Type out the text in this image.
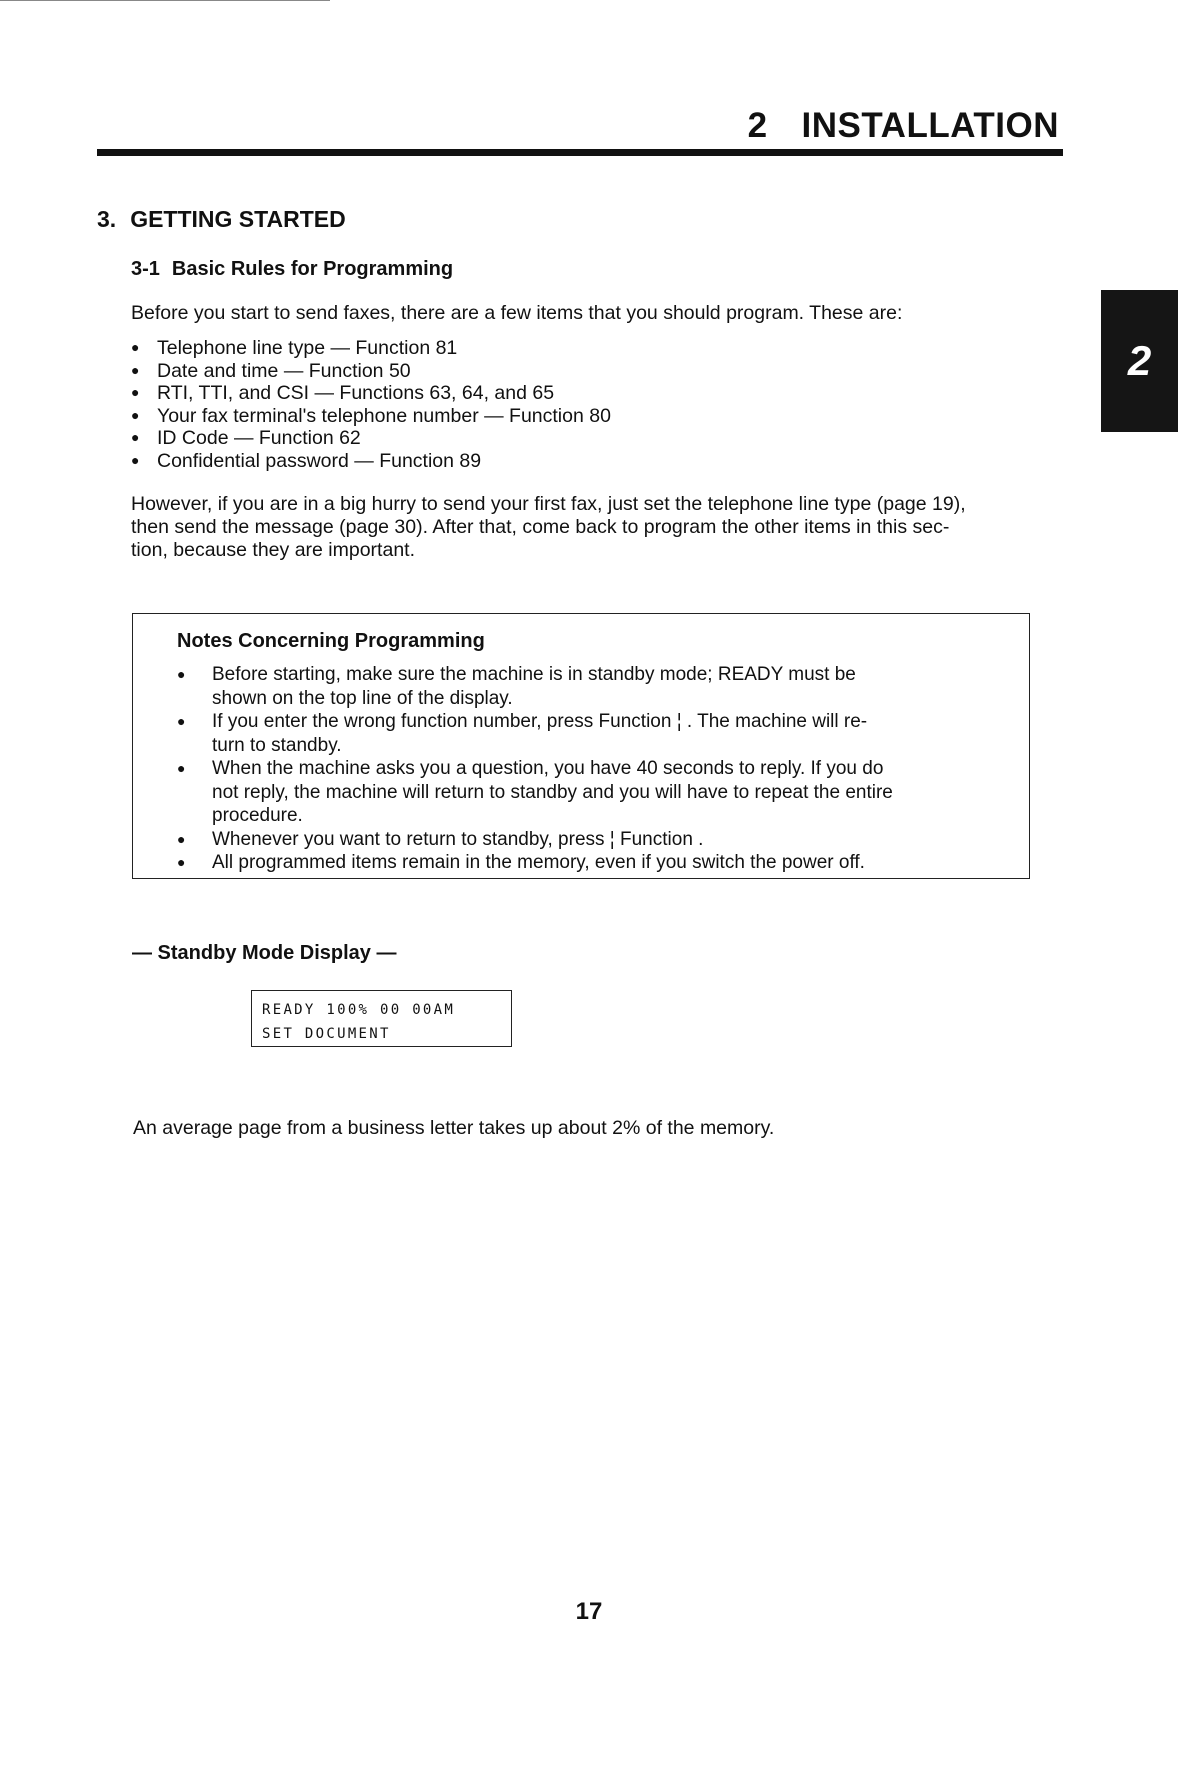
2 INSTALLATION
2
3. GETTING STARTED
3-1 Basic Rules for Programming
Before you start to send faxes, there are a few items that you should program. These are:
● Telephone line type — Function 81
● Date and time — Function 50
● RTI, TTI, and CSI — Functions 63, 64, and 65
● Your fax terminal's telephone number — Function 80
● ID Code — Function 62
● Confidential password — Function 89
However, if you are in a big hurry to send your first fax, just set the telephone line type (page 19),
then send the message (page 30). After that, come back to program the other items in this sec-
tion, because they are important.
Notes Concerning Programming
●	Before starting, make sure the machine is in standby mode; READY must be
shown on the top line of the display.
●	If you enter the wrong function number, press Function ¦ . The machine will re-
turn to standby.
●	When the machine asks you a question, you have 40 seconds to reply. If you do
not reply, the machine will return to standby and you will have to repeat the entire
procedure.
●	Whenever you want to return to standby, press ¦ Function .
●	All programmed items remain in the memory, even if you switch the power off.
— Standby Mode Display —
READY 100% 00 00AM
SET DOCUMENT
An average page from a business letter takes up about 2% of the memory.
17
